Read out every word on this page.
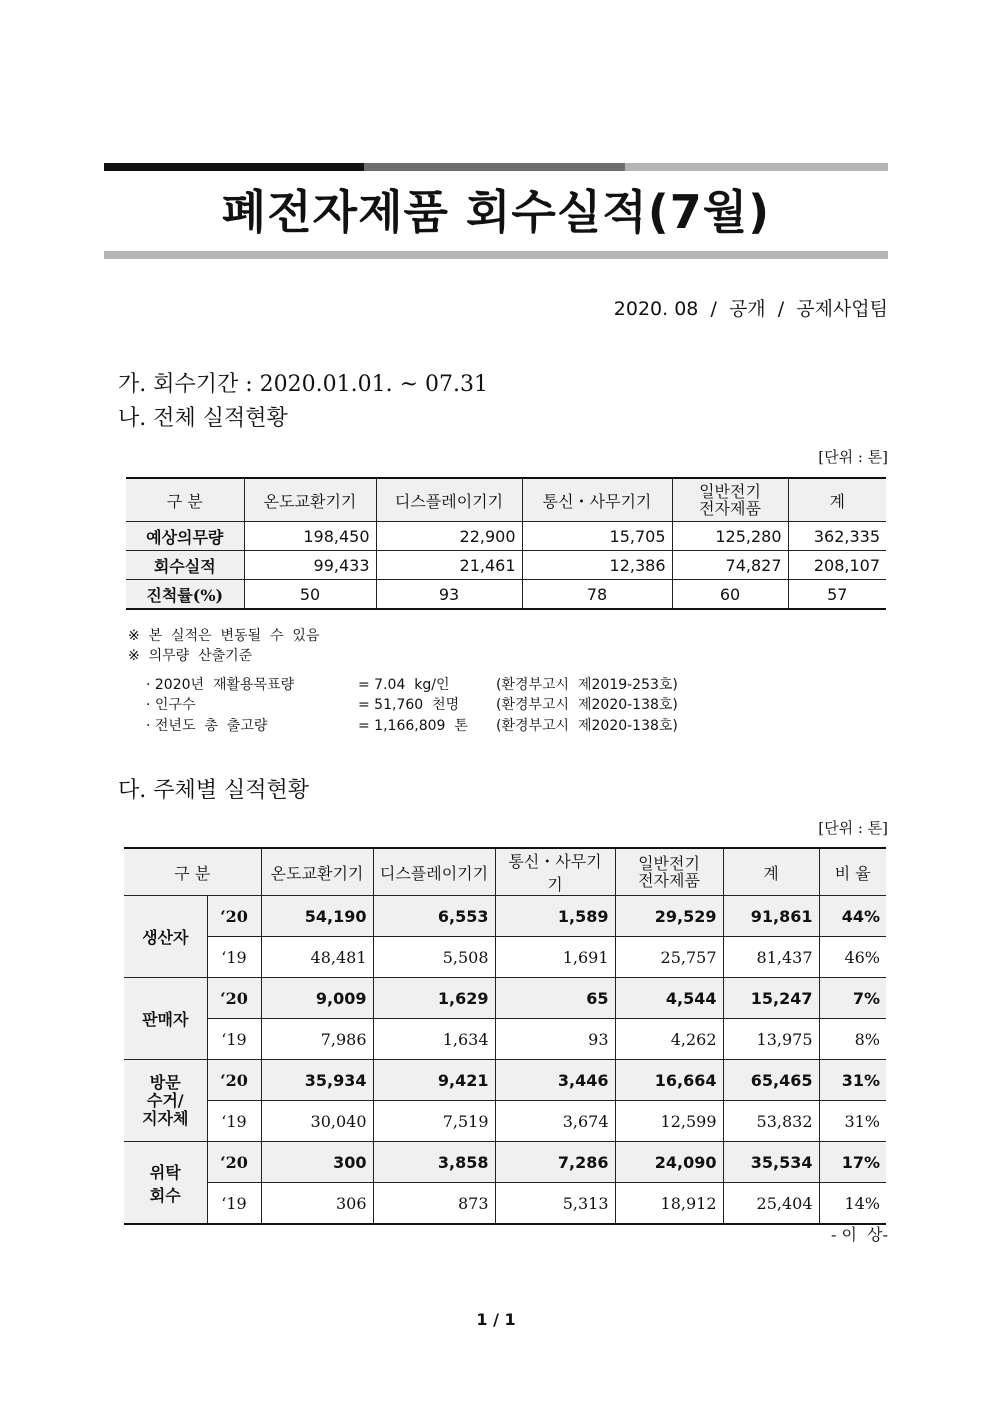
폐전자제품 회수실적(7월)
2020. 08  /  공개  /  공제사업팀
가. 회수기간 : 2020.01.01. ~ 07.31
나. 전체 실적현황
[단위 : 톤]
구 분	온도교환기기	디스플레이기기	통신・사무기기	일반전기
전자제품	계
예상의무량	198,450	22,900	15,705	125,280	362,335
회수실적	99,433	21,461	12,386	74,827	208,107
진척률(%)	50	93	78	60	57
※  본  실적은  변동될  수  있음
※  의무량  산출기준
· 2020년  재활용목표량	= 7.04  kg/인	(환경부고시  제2019-253호)
· 인구수	= 51,760  천명	(환경부고시  제2020-138호)
· 전년도  총  출고량	= 1,166,809  톤 (환경부고시  제2020-138호)
다. 주체별 실적현황
[단위 : 톤]
구 분		온도교환기기	디스플레이기기	통신・사무기기	일반전기
전자제품	계	비 율
생산자	‘20	54,190	6,553	1,589	29,529	91,861	44%
	‘19	48,481	5,508	1,691	25,757	81,437	46%
판매자	‘20	9,009	1,629	65	4,544	15,247	7%
	‘19	7,986	1,634	93	4,262	13,975	8%
방문
수거/
지자체	‘20	35,934	9,421	3,446	16,664	65,465	31%
	‘19	30,040	7,519	3,674	12,599	53,832	31%
위탁
회수	‘20	300	3,858	7,286	24,090	35,534	17%
	‘19	306	873	5,313	18,912	25,404	14%
- 이  상-
1 / 1
